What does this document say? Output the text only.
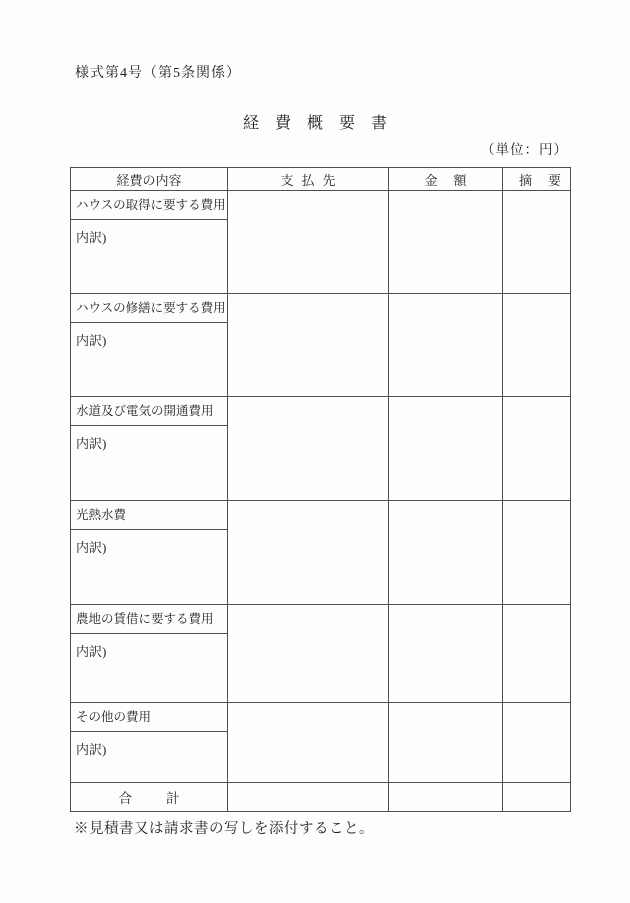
様式第4号（第5条関係）
経費概要書
（単位：円）
経費の内容	支払先	金額	摘要

ハウスの取得に要する費用
内訳)			

ハウスの修繕に要する費用
内訳)			

水道及び電気の開通費用
内訳)			

光熱水費
内訳)			

農地の賃借に要する費用
内訳)			

その他の費用
内訳)			

合計			
※見積書又は請求書の写しを添付すること。
